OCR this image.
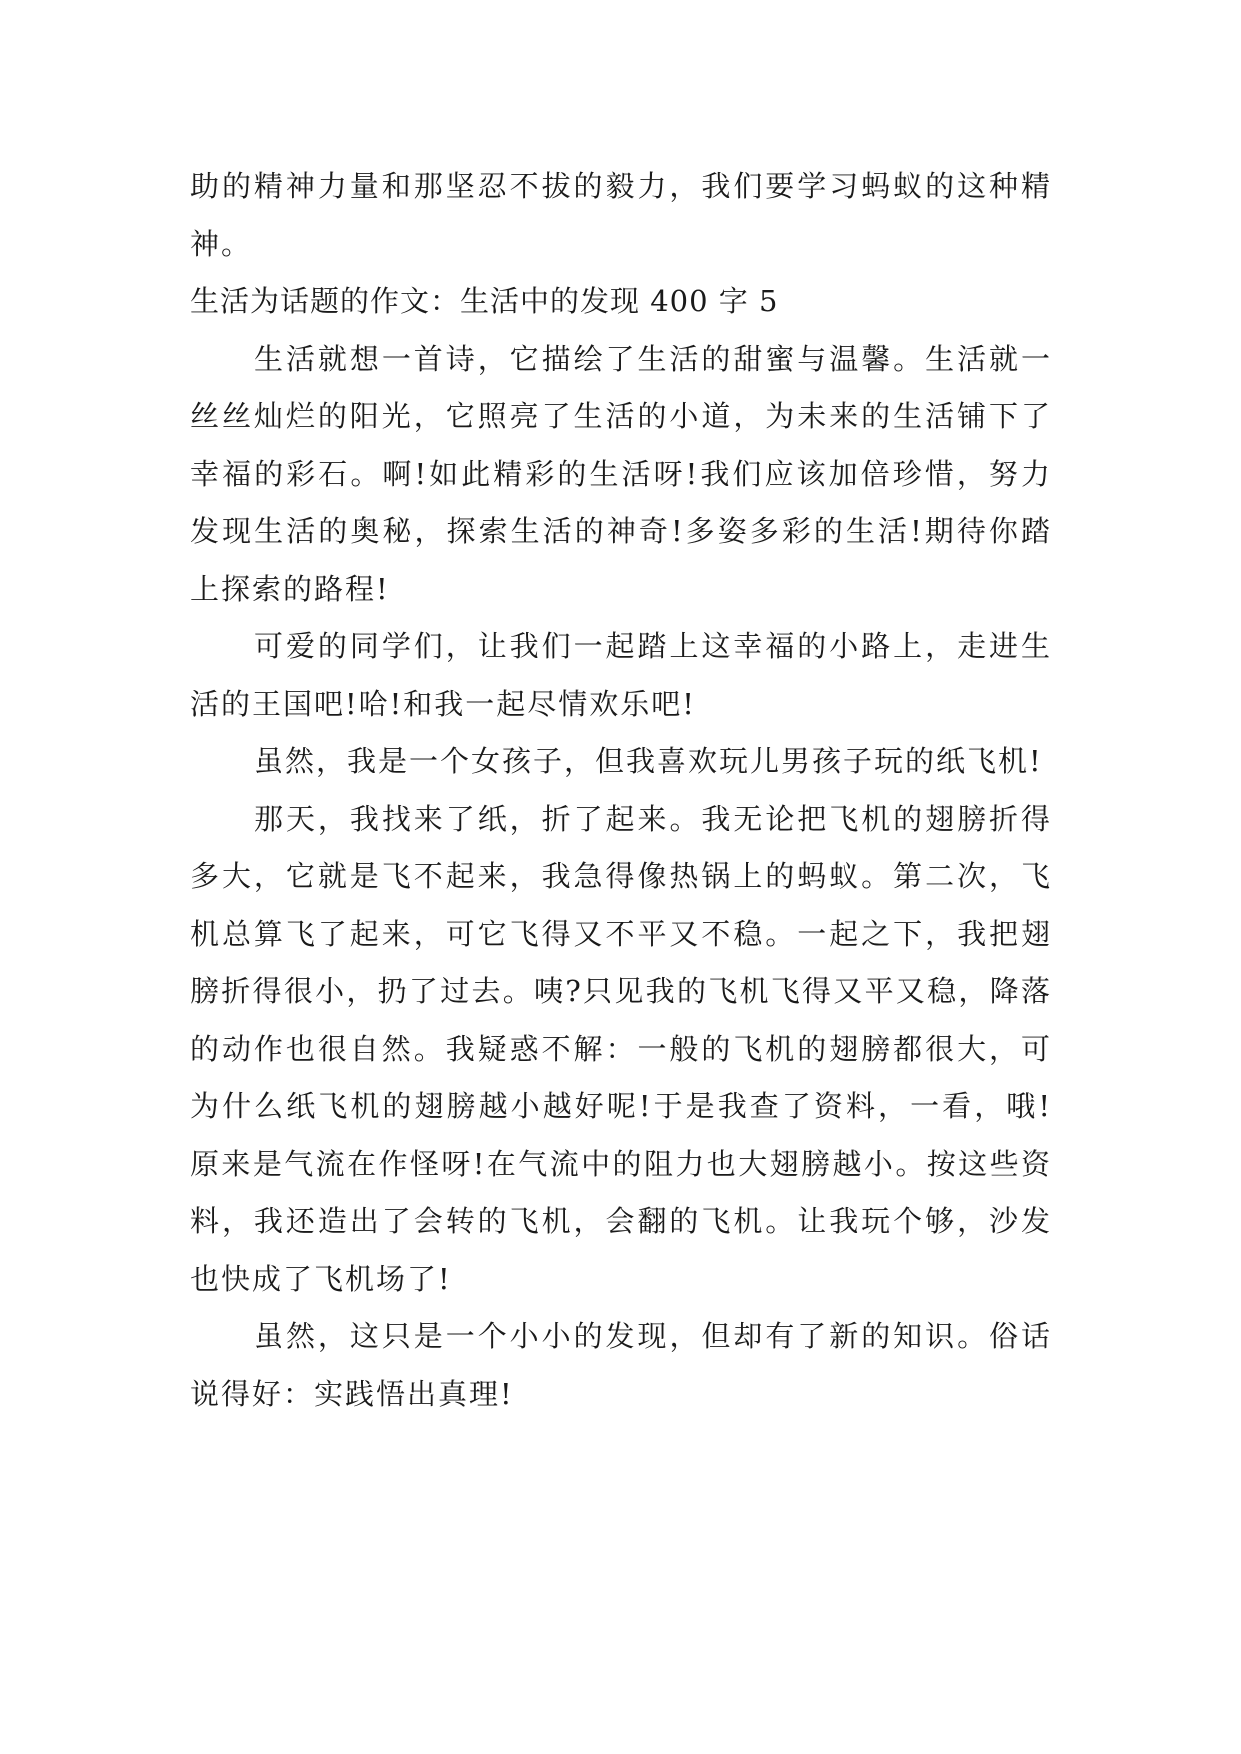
助的精神力量和那坚忍不拔的毅力，我们要学习蚂蚁的这种精神。

生活为话题的作文：生活中的发现 400 字 5

生活就想一首诗，它描绘了生活的甜蜜与温馨。生活就一丝丝灿烂的阳光，它照亮了生活的小道，为未来的生活铺下了幸福的彩石。啊!如此精彩的生活呀!我们应该加倍珍惜，努力发现生活的奥秘，探索生活的神奇!多姿多彩的生活!期待你踏上探索的路程!

可爱的同学们，让我们一起踏上这幸福的小路上，走进生活的王国吧!哈!和我一起尽情欢乐吧!

虽然，我是一个女孩子，但我喜欢玩儿男孩子玩的纸飞机!

那天，我找来了纸，折了起来。我无论把飞机的翅膀折得多大，它就是飞不起来，我急得像热锅上的蚂蚁。第二次，飞机总算飞了起来，可它飞得又不平又不稳。一起之下，我把翅膀折得很小，扔了过去。咦?只见我的飞机飞得又平又稳，降落的动作也很自然。我疑惑不解：一般的飞机的翅膀都很大，可为什么纸飞机的翅膀越小越好呢!于是我查了资料，一看，哦!原来是气流在作怪呀!在气流中的阻力也大翅膀越小。按这些资料，我还造出了会转的飞机，会翻的飞机。让我玩个够，沙发也快成了飞机场了!

虽然，这只是一个小小的发现，但却有了新的知识。俗话说得好：实践悟出真理!
